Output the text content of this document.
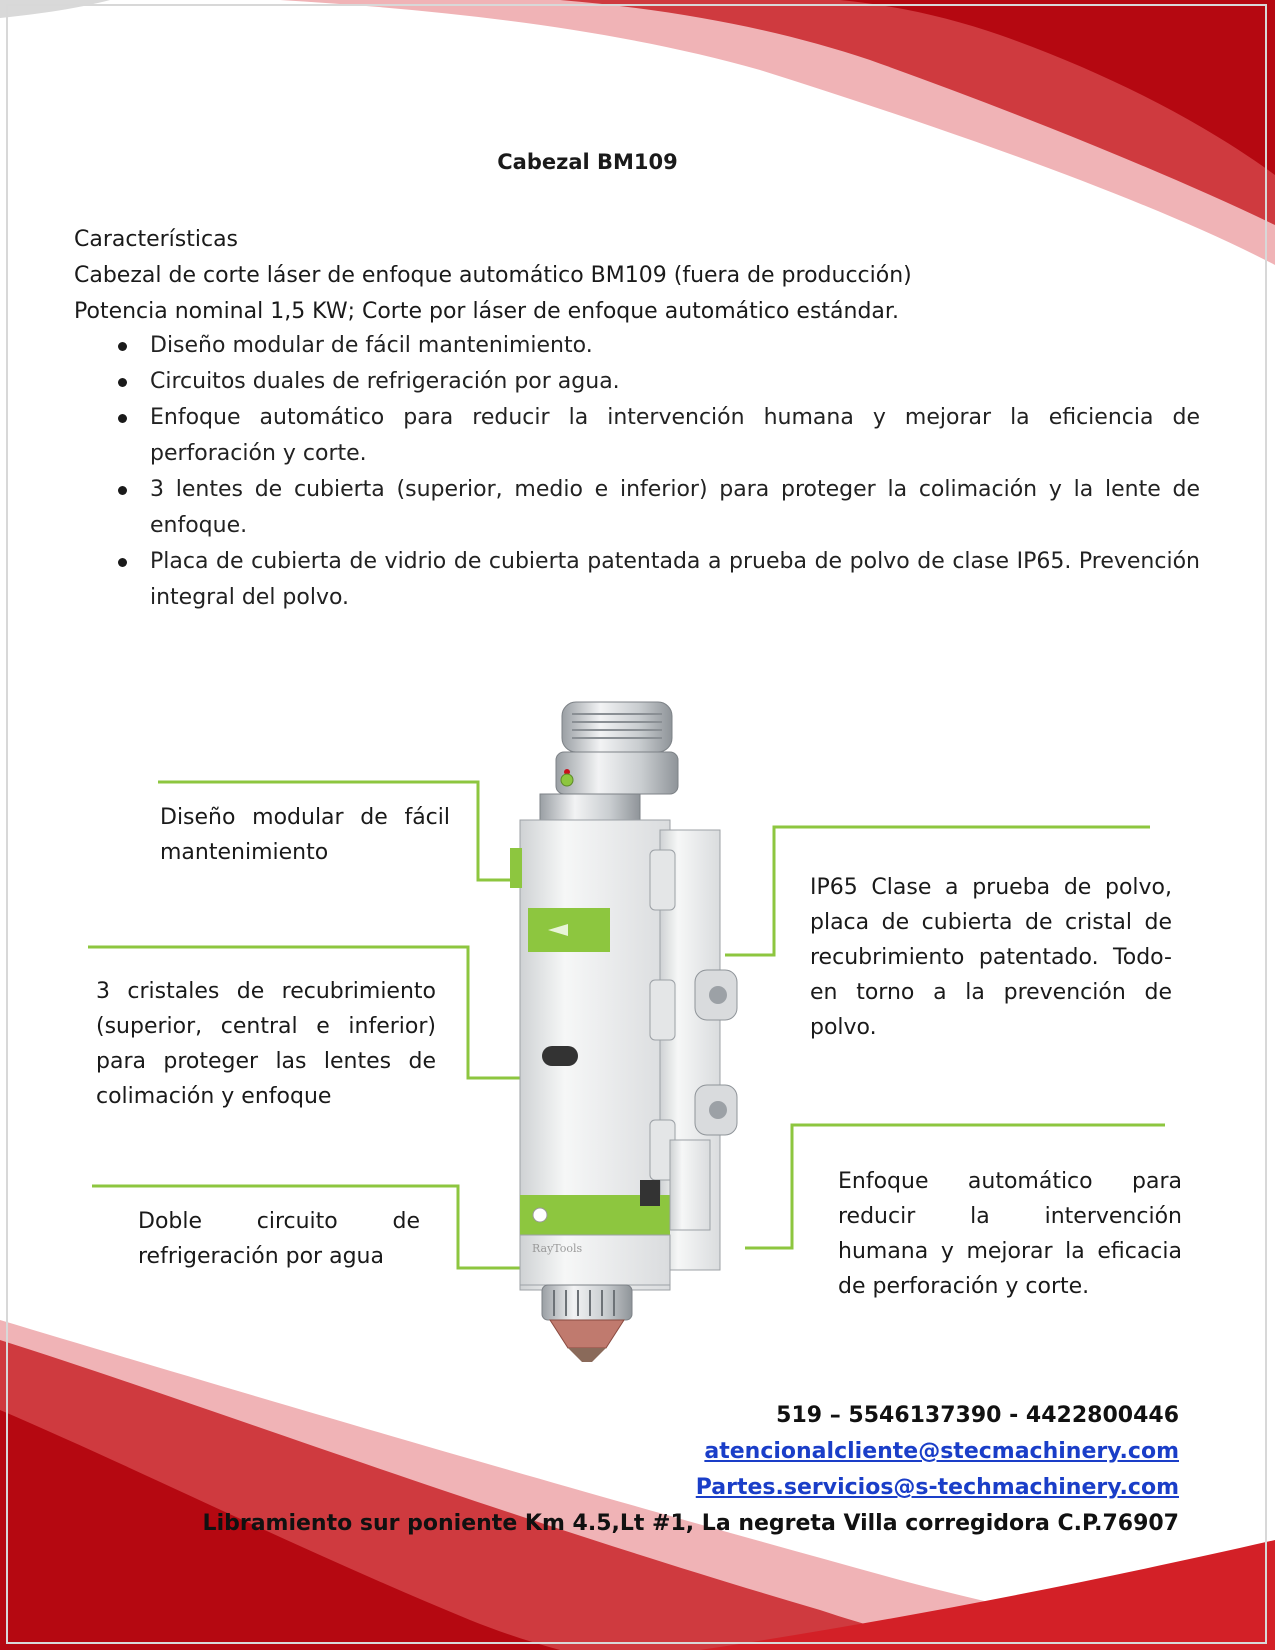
Cabezal BM109
Características
Cabezal de corte láser de enfoque automático BM109 (fuera de producción)
Potencia nominal 1,5 KW; Corte por láser de enfoque automático estándar.
Diseño modular de fácil mantenimiento.
Circuitos duales de refrigeración por agua.
Enfoque automático para reducir la intervención humana y mejorar la eficiencia de perforación y corte.
3 lentes de cubierta (superior, medio e inferior) para proteger la colimación y la lente de enfoque.
Placa de cubierta de vidrio de cubierta patentada a prueba de polvo de clase IP65. Prevención integral del polvo.
Diseño modular de fácil mantenimiento
3 cristales de recubrimiento (superior, central e inferior) para proteger las lentes de colimación y enfoque
Doble circuito de refrigeración por agua
IP65 Clase a prueba de polvo, placa de cubierta de cristal de recubrimiento patentado. Todo-en torno a la prevención de polvo.
Enfoque automático para reducir la intervención humana y mejorar la eficacia de perforación y corte.
RayTools
519 – 5546137390 - 4422800446
atencionalcliente@stecmachinery.com
Partes.servicios@s-techmachinery.com
Libramiento sur poniente Km 4.5,Lt #1, La negreta Villa corregidora C.P.76907
